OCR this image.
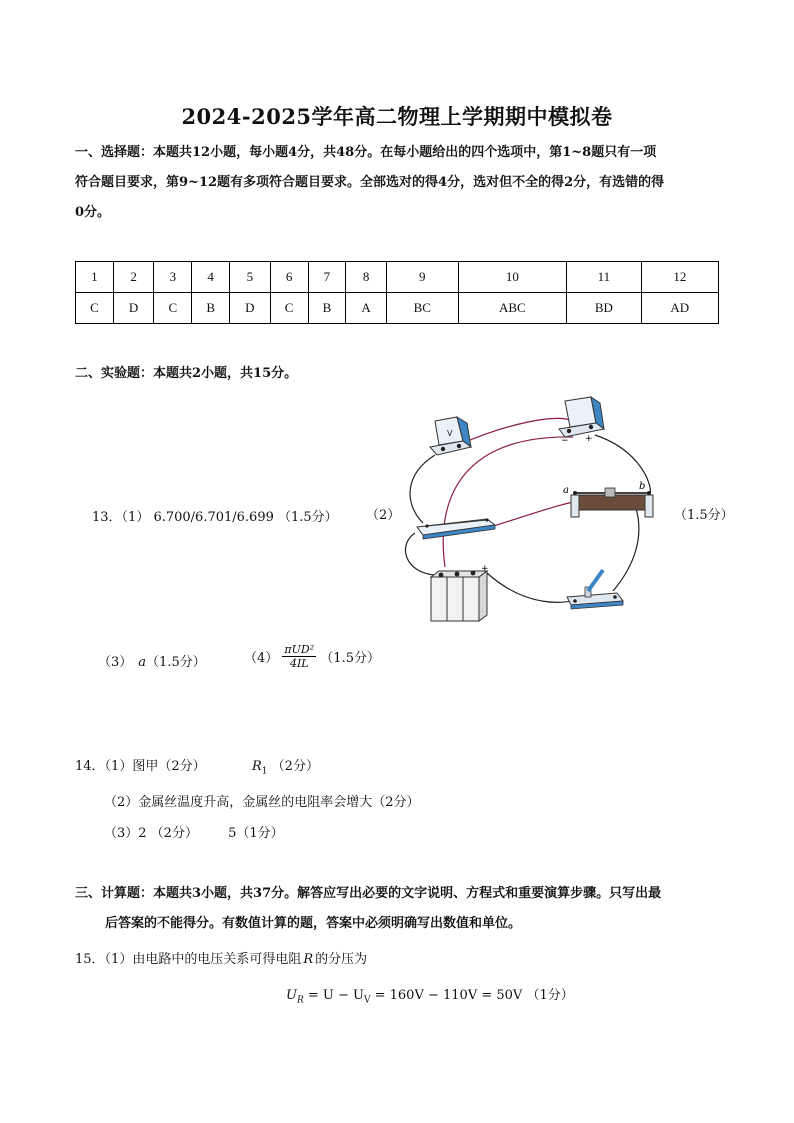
2024-2025学年高二物理上学期期中模拟卷

一、选择题：本题共12小题，每小题4分，共48分。在每小题给出的四个选项中，第1~8题只有一项

符合题目要求，第9~12题有多项符合题目要求。全部选对的得4分，选对但不全的得2分，有选错的得

0分。

1	2	3	4	5	6	7	8	9	10	11	12
C	D	C	B	D	C	B	A	BC	ABC	BD	AD
二、实验题：本题共2小题，共15分。
13．（1） 6.700/6.701/6.699 （1.5分） （2）	（1.5分）
V
− +
a	b
+
（3） a（1.5分）	$(4) \frac{\text{πUD²}}{4IL} (1.5$分）
14．（1）图甲（2分）	$R_1$ （2分）
（2）金属丝温度升高，金属丝的电阻率会增大（2分）
（3）2 （2分） 5（1分）

三、计算题：本题共3小题，共37分。解答应写出必要的文字说明、方程式和重要演算步骤。只写出最

后答案的不能得分。有数值计算的题，答案中必须明确写出数值和单位。

15．（1）由电路中的电压关系可得电阻 R 的分压为
$U_R = U - U_V = 160V - 110V = 50V$ （1分）
